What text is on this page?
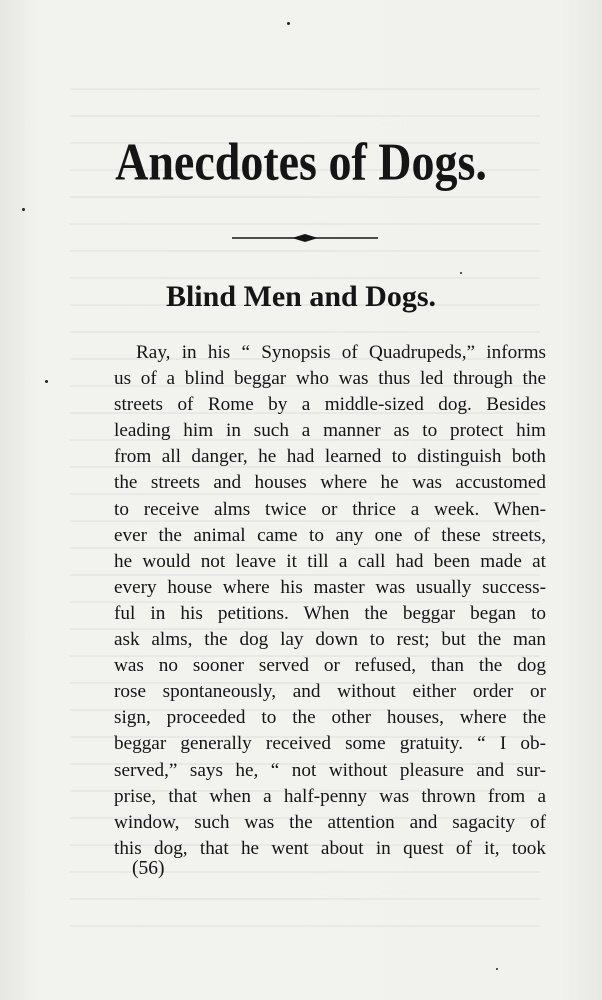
Anecdotes of Dogs.
Blind Men and Dogs.
Ray, in his “ Synopsis of Quadrupeds,” informs
us of a blind beggar who was thus led through the
streets of Rome by a middle-sized dog. Besides
leading him in such a manner as to protect him
from all danger, he had learned to distinguish both
the streets and houses where he was accustomed
to receive alms twice or thrice a week. When-
ever the animal came to any one of these streets,
he would not leave it till a call had been made at
every house where his master was usually success-
ful in his petitions. When the beggar began to
ask alms, the dog lay down to rest; but the man
was no sooner served or refused, than the dog
rose spontaneously, and without either order or
sign, proceeded to the other houses, where the
beggar generally received some gratuity. “ I ob-
served,” says he, “ not without pleasure and sur-
prise, that when a half-penny was thrown from a
window, such was the attention and sagacity of
this dog, that he went about in quest of it, took
(56)
